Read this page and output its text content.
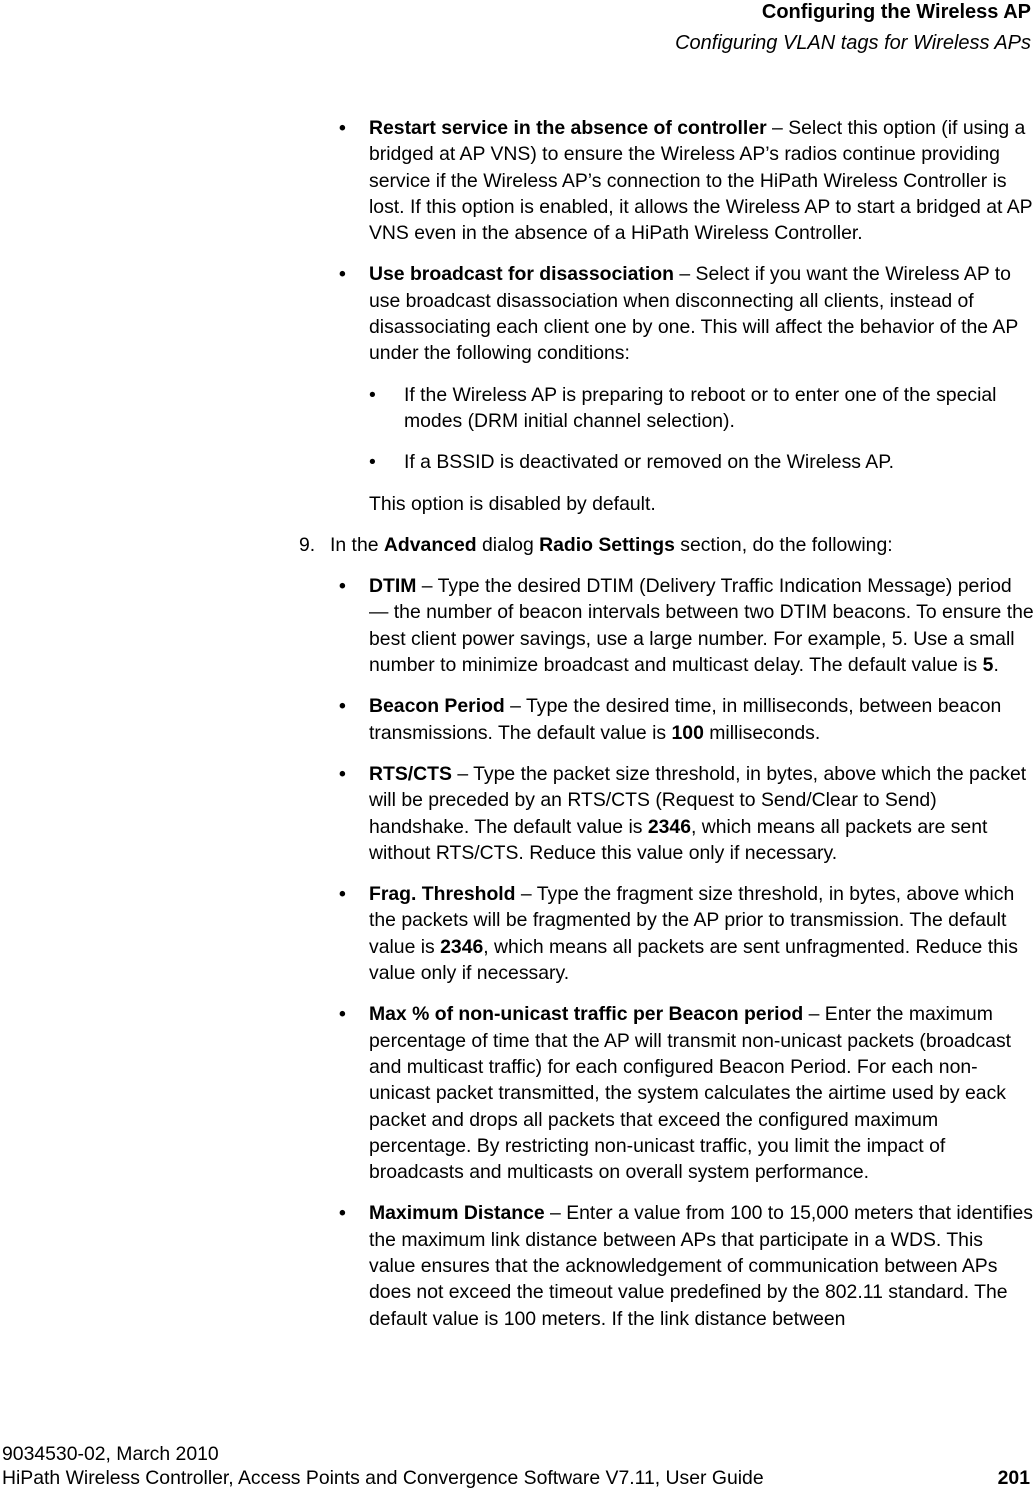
Configuring the Wireless AP
Configuring VLAN tags for Wireless APs
• Restart service in the absence of controller – Select this option (if using a bridged at AP VNS) to ensure the Wireless AP’s radios continue providing service if the Wireless AP’s connection to the HiPath Wireless Controller is lost. If this option is enabled, it allows the Wireless AP to start a bridged at AP VNS even in the absence of a HiPath Wireless Controller.
• Use broadcast for disassociation – Select if you want the Wireless AP to use broadcast disassociation when disconnecting all clients, instead of disassociating each client one by one. This will affect the behavior of the AP under the following conditions:
• If the Wireless AP is preparing to reboot or to enter one of the special modes (DRM initial channel selection).
• If a BSSID is deactivated or removed on the Wireless AP.
This option is disabled by default.
9. In the Advanced dialog Radio Settings section, do the following:
• DTIM – Type the desired DTIM (Delivery Traffic Indication Message) period — the number of beacon intervals between two DTIM beacons. To ensure the best client power savings, use a large number. For example, 5. Use a small number to minimize broadcast and multicast delay. The default value is 5.
• Beacon Period – Type the desired time, in milliseconds, between beacon transmissions. The default value is 100 milliseconds.
• RTS/CTS – Type the packet size threshold, in bytes, above which the packet will be preceded by an RTS/CTS (Request to Send/Clear to Send) handshake. The default value is 2346, which means all packets are sent without RTS/CTS. Reduce this value only if necessary.
• Frag. Threshold – Type the fragment size threshold, in bytes, above which the packets will be fragmented by the AP prior to transmission. The default value is 2346, which means all packets are sent unfragmented. Reduce this value only if necessary.
• Max % of non-unicast traffic per Beacon period – Enter the maximum percentage of time that the AP will transmit non-unicast packets (broadcast and multicast traffic) for each configured Beacon Period. For each non-unicast packet transmitted, the system calculates the airtime used by eack packet and drops all packets that exceed the configured maximum percentage. By restricting non-unicast traffic, you limit the impact of broadcasts and multicasts on overall system performance.
• Maximum Distance – Enter a value from 100 to 15,000 meters that identifies the maximum link distance between APs that participate in a WDS. This value ensures that the acknowledgement of communication between APs does not exceed the timeout value predefined by the 802.11 standard. The default value is 100 meters. If the link distance between
9034530-02, March 2010
HiPath Wireless Controller, Access Points and Convergence Software V7.11, User Guide	201
